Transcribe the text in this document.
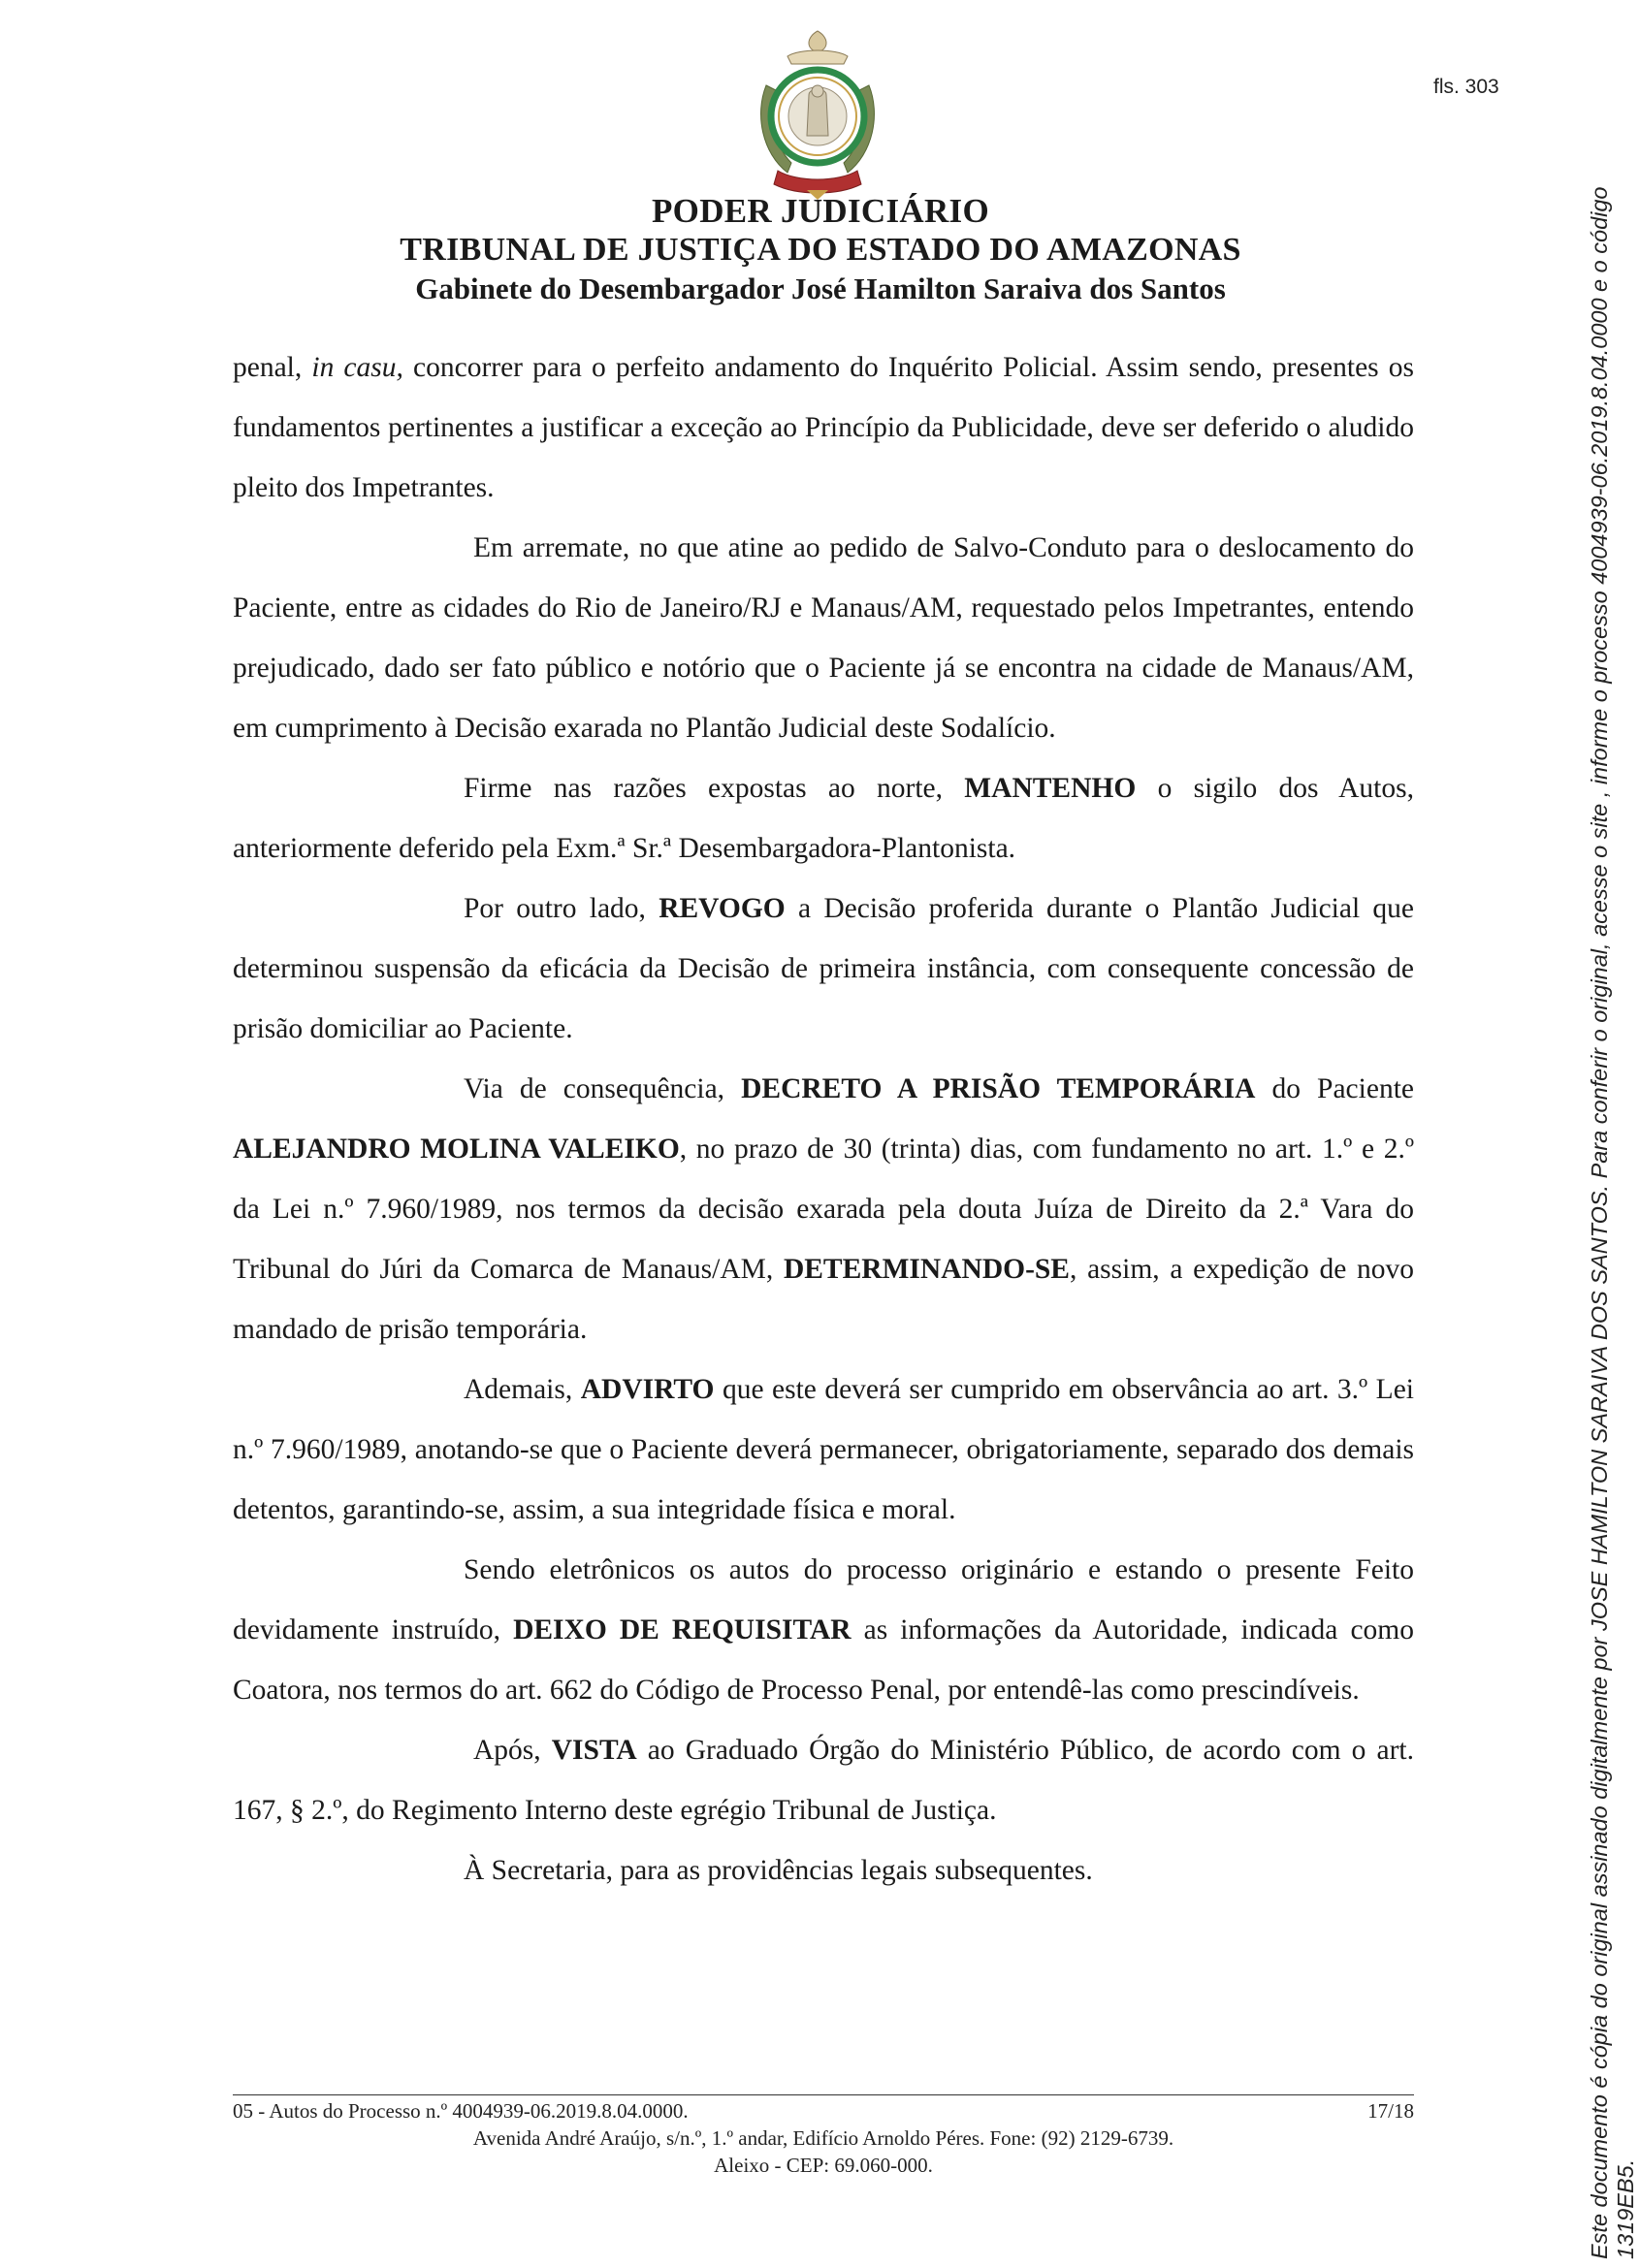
fls. 303
PODER JUDICIÁRIO
TRIBUNAL DE JUSTIÇA DO ESTADO DO AMAZONAS
Gabinete do Desembargador José Hamilton Saraiva dos Santos

penal, in casu, concorrer para o perfeito andamento do Inquérito Policial. Assim sendo, presentes os fundamentos pertinentes a justificar a exceção ao Princípio da Publicidade, deve ser deferido o aludido pleito dos Impetrantes.

Em arremate, no que atine ao pedido de Salvo-Conduto para o deslocamento do Paciente, entre as cidades do Rio de Janeiro/RJ e Manaus/AM, requestado pelos Impetrantes, entendo prejudicado, dado ser fato público e notório que o Paciente já se encontra na cidade de Manaus/AM, em cumprimento à Decisão exarada no Plantão Judicial deste Sodalício.

Firme nas razões expostas ao norte, MANTENHO o sigilo dos Autos, anteriormente deferido pela Exm.ª Sr.ª Desembargadora-Plantonista.

Por outro lado, REVOGO a Decisão proferida durante o Plantão Judicial que determinou suspensão da eficácia da Decisão de primeira instância, com consequente concessão de prisão domiciliar ao Paciente.

Via de consequência, DECRETO A PRISÃO TEMPORÁRIA do Paciente ALEJANDRO MOLINA VALEIKO, no prazo de 30 (trinta) dias, com fundamento no art. 1.º e 2.º da Lei n.º 7.960/1989, nos termos da decisão exarada pela douta Juíza de Direito da 2.ª Vara do Tribunal do Júri da Comarca de Manaus/AM, DETERMINANDO-SE, assim, a expedição de novo mandado de prisão temporária.

Ademais, ADVIRTO que este deverá ser cumprido em observância ao art. 3.º Lei n.º 7.960/1989, anotando-se que o Paciente deverá permanecer, obrigatoriamente, separado dos demais detentos, garantindo-se, assim, a sua integridade física e moral.

Sendo eletrônicos os autos do processo originário e estando o presente Feito devidamente instruído, DEIXO DE REQUISITAR as informações da Autoridade, indicada como Coatora, nos termos do art. 662 do Código de Processo Penal, por entendê-las como prescindíveis.

Após, VISTA ao Graduado Órgão do Ministério Público, de acordo com o art. 167, § 2.º, do Regimento Interno deste egrégio Tribunal de Justiça.

À Secretaria, para as providências legais subsequentes.

05 - Autos do Processo n.º 4004939-06.2019.8.04.0000.	17/18
Avenida André Araújo, s/n.º, 1.º andar, Edifício Arnoldo Péres. Fone: (92) 2129-6739.
Aleixo - CEP: 69.060-000.	Este documento é cópia do original assinado digitalmente por JOSE HAMILTON SARAIVA DOS SANTOS. Para conferir o original, acesse o site , informe o processo 4004939-06.2019.8.04.0000 e o código 1319EB5.
